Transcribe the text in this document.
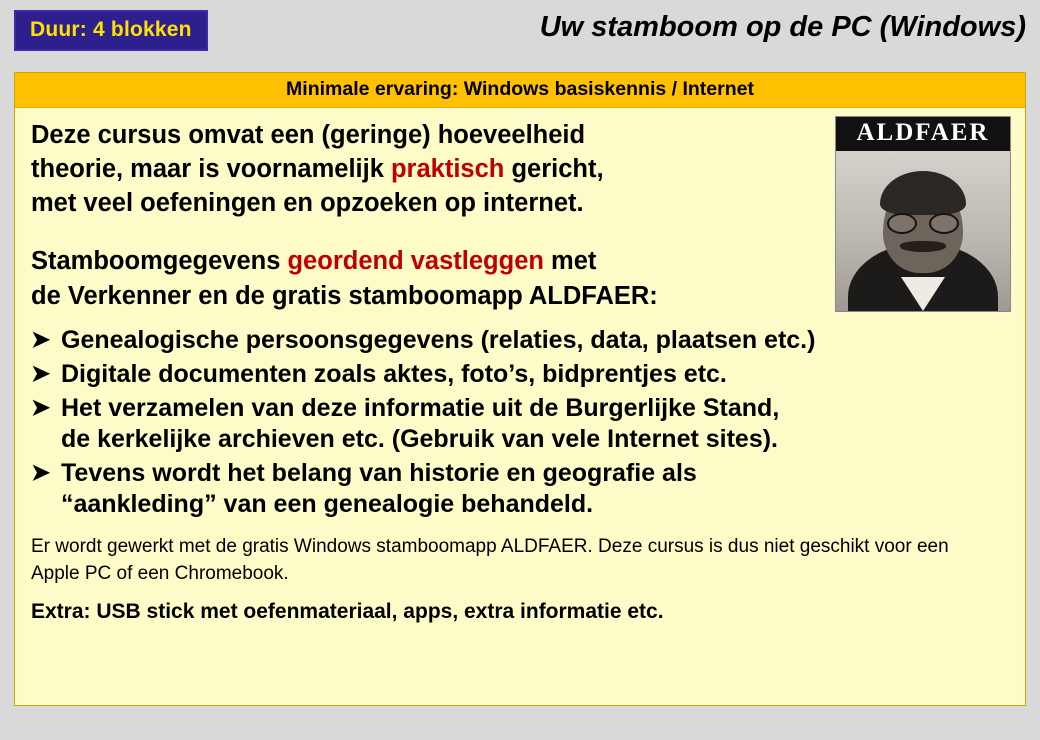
Duur: 4 blokken	Uw stamboom op de PC (Windows)
Minimale ervaring: Windows basiskennis / Internet
ALDFAER
Deze cursus omvat een (geringe) hoeveelheid
theorie, maar is voornamelijk praktisch gericht,
met veel oefeningen en opzoeken op internet.
Stamboomgegevens geordend vastleggen met
de Verkenner en de gratis stamboomapp ALDFAER:
➤ Genealogische persoonsgegevens (relaties, data, plaatsen etc.)
➤ Digitale documenten zoals aktes, foto’s, bidprentjes etc.
➤ Het verzamelen van deze informatie uit de Burgerlijke Stand,
de kerkelijke archieven etc. (Gebruik van vele Internet sites).
➤ Tevens wordt het belang van historie en geografie als
“aankleding” van een genealogie behandeld.
Er wordt gewerkt met de gratis Windows stamboomapp ALDFAER. Deze cursus is dus niet geschikt voor een Apple PC of een Chromebook.
Extra: USB stick met oefenmateriaal, apps, extra informatie etc.
